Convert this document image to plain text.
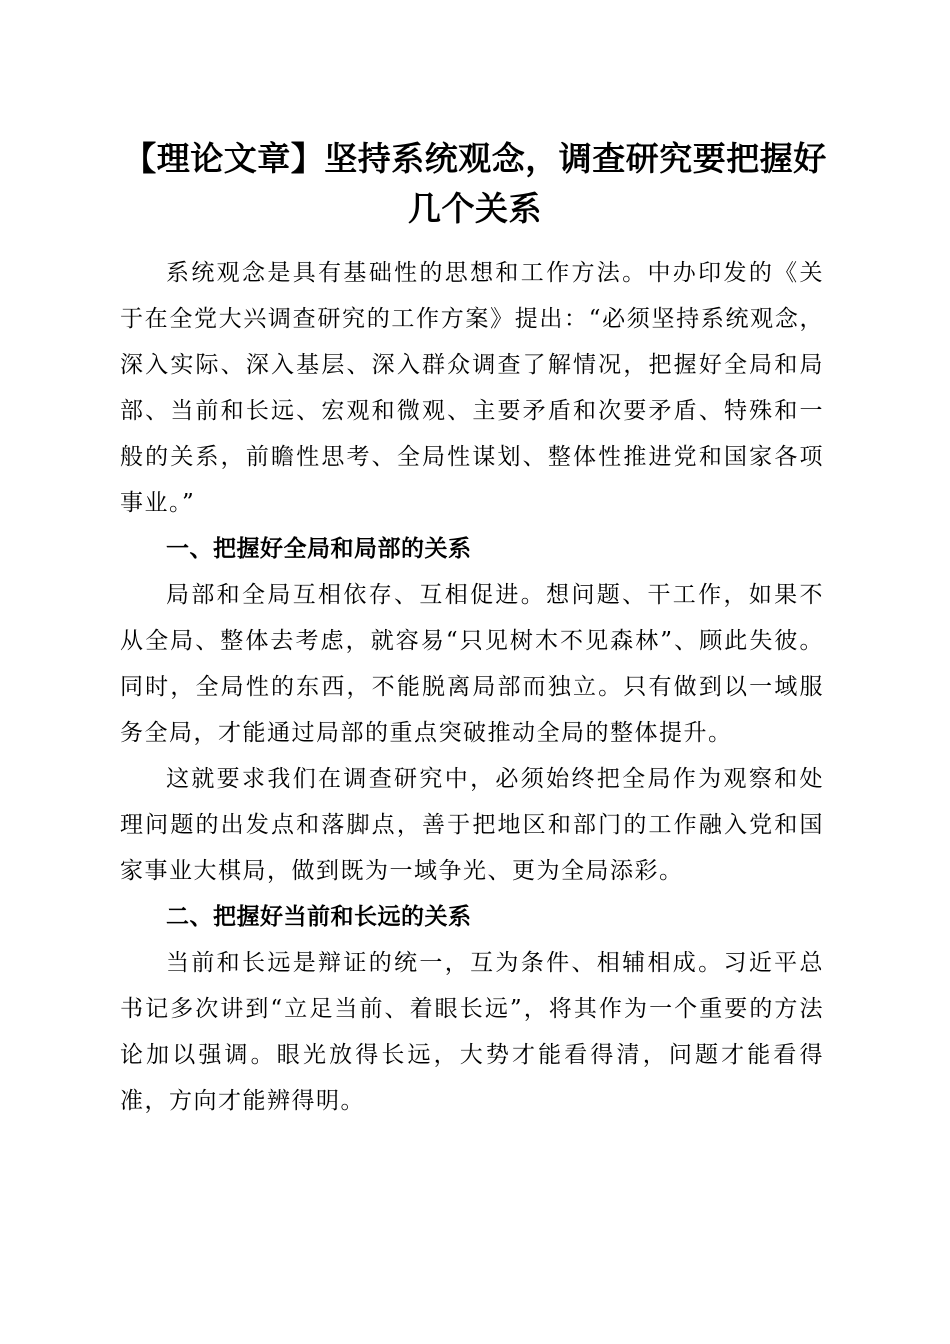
【理论文章】坚持系统观念，调查研究要把握好几个关系

系统观念是具有基础性的思想和工作方法。中办印发的《关于在全党大兴调查研究的工作方案》提出：“必须坚持系统观念，深入实际、深入基层、深入群众调查了解情况，把握好全局和局部、当前和长远、宏观和微观、主要矛盾和次要矛盾、特殊和一般的关系，前瞻性思考、全局性谋划、整体性推进党和国家各项事业。”

一、把握好全局和局部的关系

局部和全局互相依存、互相促进。想问题、干工作，如果不从全局、整体去考虑，就容易“只见树木不见森林”、顾此失彼。同时，全局性的东西，不能脱离局部而独立。只有做到以一域服务全局，才能通过局部的重点突破推动全局的整体提升。

这就要求我们在调查研究中，必须始终把全局作为观察和处理问题的出发点和落脚点，善于把地区和部门的工作融入党和国家事业大棋局，做到既为一域争光、更为全局添彩。

二、把握好当前和长远的关系

当前和长远是辩证的统一，互为条件、相辅相成。习近平总书记多次讲到“立足当前、着眼长远”，将其作为一个重要的方法论加以强调。眼光放得长远，大势才能看得清，问题才能看得准，方向才能辨得明。
